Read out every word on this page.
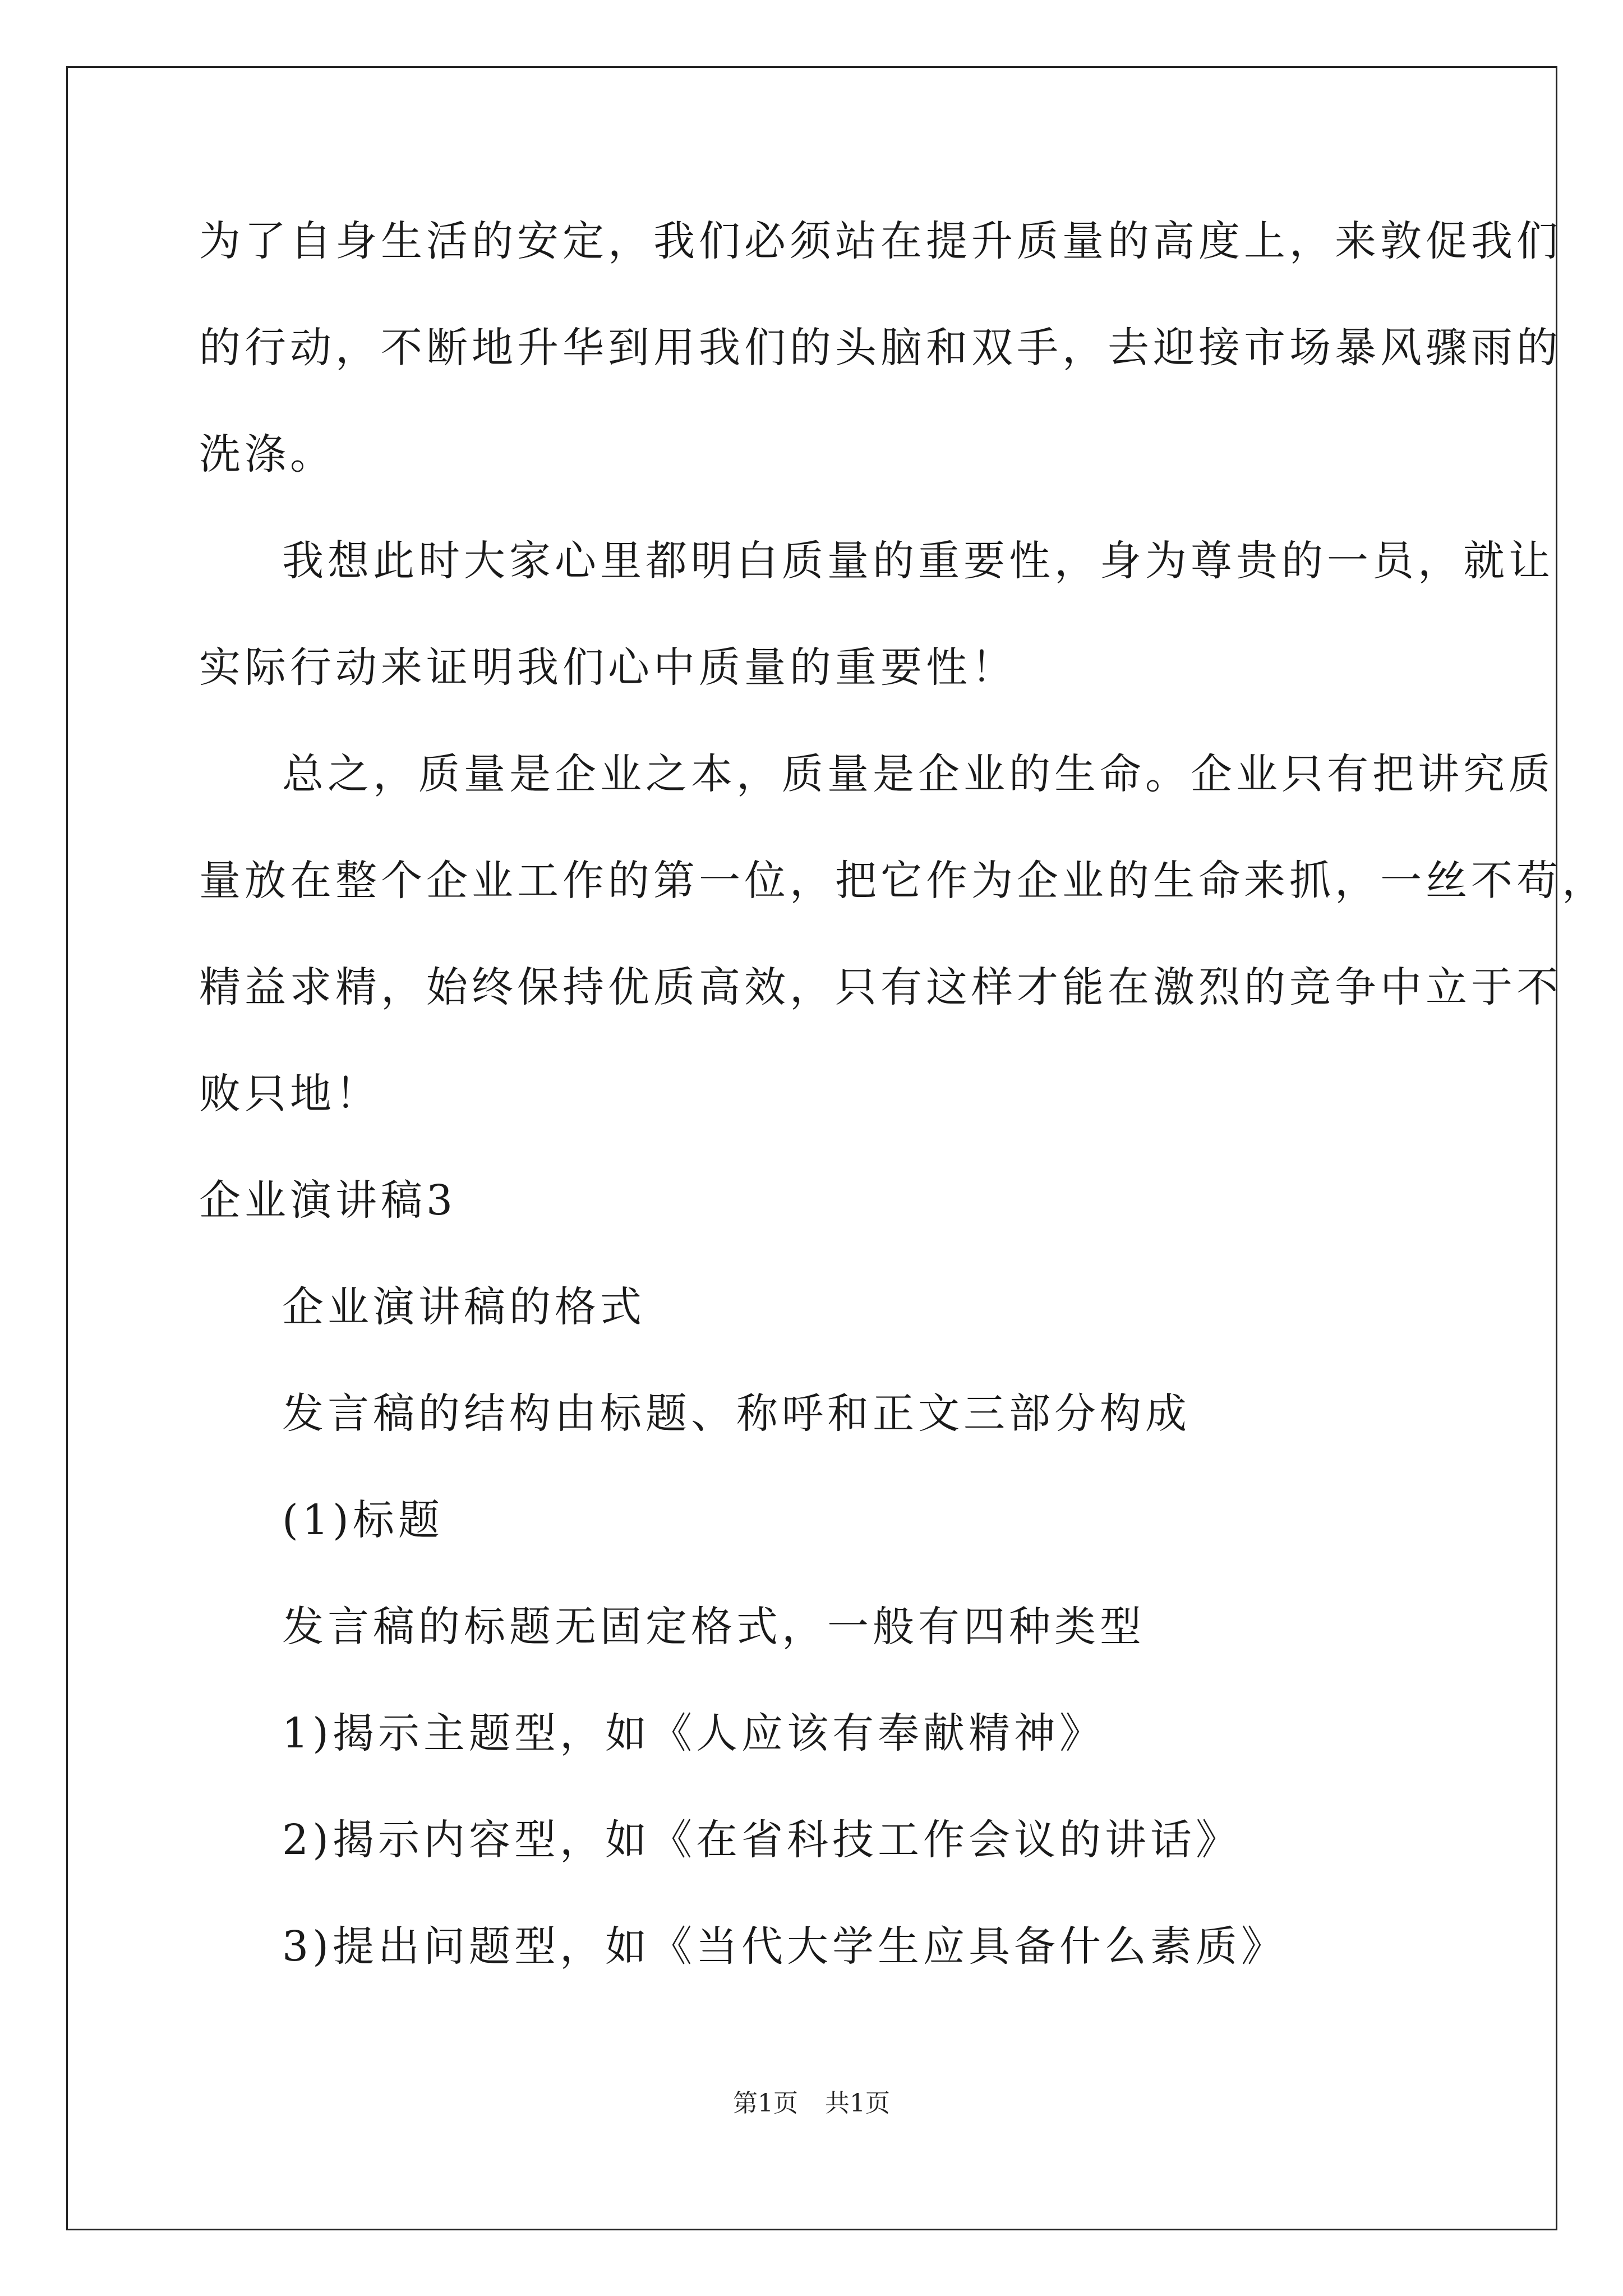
为了自身生活的安定，我们必须站在提升质量的高度上，来敦促我们
的行动，不断地升华到用我们的头脑和双手，去迎接市场暴风骤雨的
洗涤。
我想此时大家心里都明白质量的重要性，身为尊贵的一员，就让
实际行动来证明我们心中质量的重要性！
总之，质量是企业之本，质量是企业的生命。企业只有把讲究质
量放在整个企业工作的第一位，把它作为企业的生命来抓，一丝不苟，
精益求精，始终保持优质高效，只有这样才能在激烈的竞争中立于不
败只地！
企业演讲稿3
企业演讲稿的格式
发言稿的结构由标题、称呼和正文三部分构成
(1)标题
发言稿的标题无固定格式，一般有四种类型
1)揭示主题型，如《人应该有奉献精神》
2)揭示内容型，如《在省科技工作会议的讲话》
3)提出问题型，如《当代大学生应具备什么素质》
第1页 共1页
